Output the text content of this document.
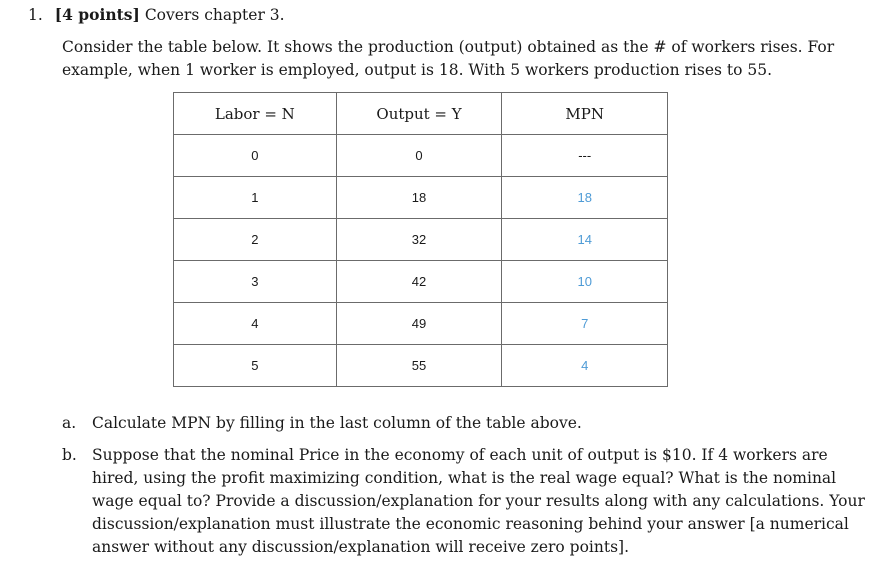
1. [4 points] Covers chapter 3.
Consider the table below. It shows the production (output) obtained as the # of workers rises. For
example, when 1 worker is employed, output is 18. With 5 workers production rises to 55.
Labor = N	Output = Y	MPN
0	0	---
1	18	18
2	32	14
3	42	10
4	49	7
5	55	4
a. Calculate MPN by filling in the last column of the table above.
b. Suppose that the nominal Price in the economy of each unit of output is $10. If 4 workers are
hired, using the profit maximizing condition, what is the real wage equal? What is the nominal
wage equal to? Provide a discussion/explanation for your results along with any calculations. Your
discussion/explanation must illustrate the economic reasoning behind your answer [a numerical
answer without any discussion/explanation will receive zero points].
